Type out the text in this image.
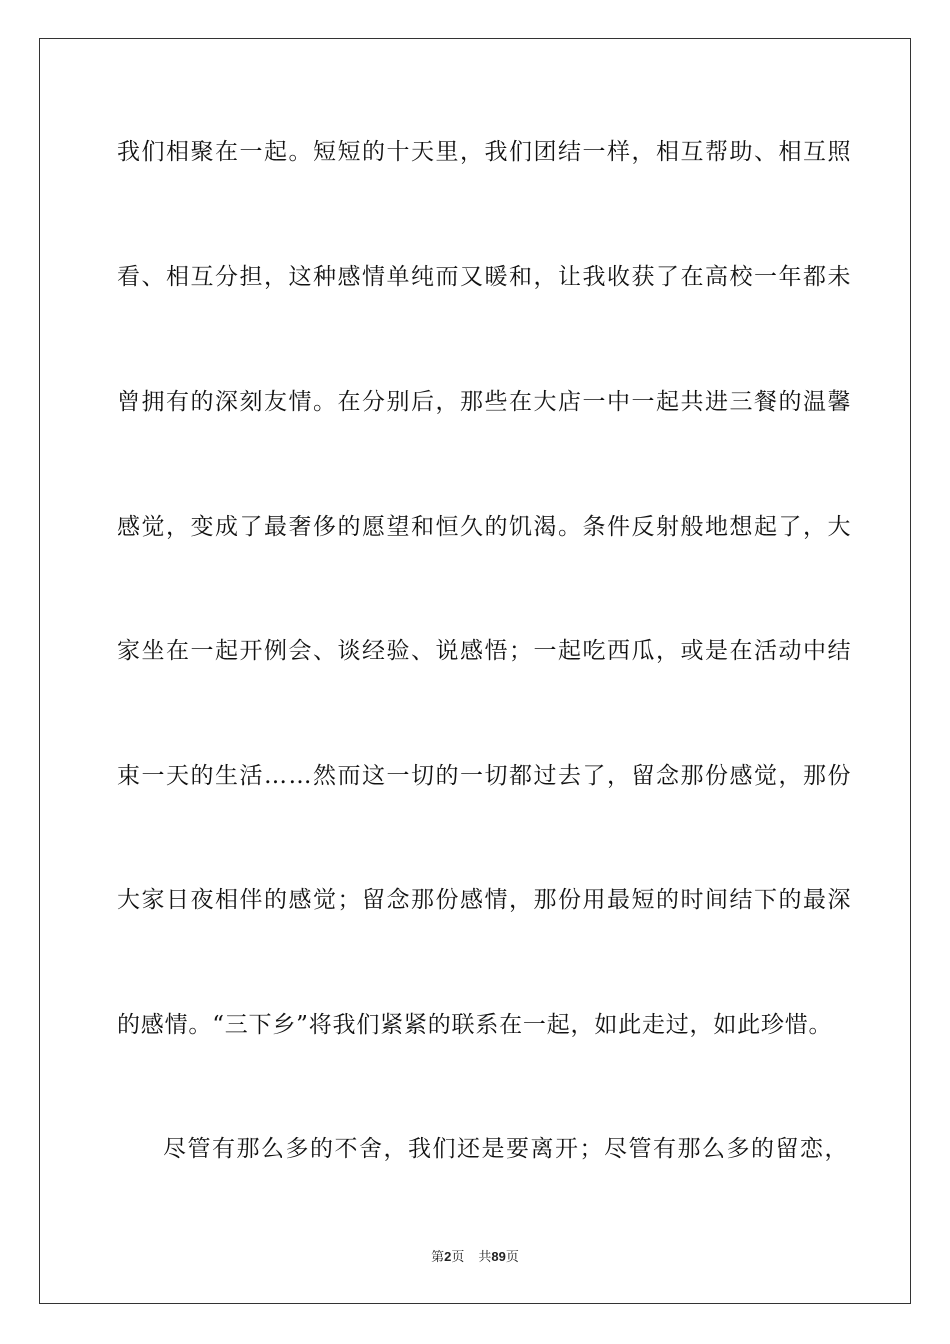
我们相聚在一起。短短的十天里，我们团结一样，相互帮助、相互照
看、相互分担，这种感情单纯而又暖和，让我收获了在高校一年都未
曾拥有的深刻友情。在分别后，那些在大店一中一起共进三餐的温馨
感觉，变成了最奢侈的愿望和恒久的饥渴。条件反射般地想起了，大
家坐在一起开例会、谈经验、说感悟；一起吃西瓜，或是在活动中结
束一天的生活……然而这一切的一切都过去了，留念那份感觉，那份
大家日夜相伴的感觉；留念那份感情，那份用最短的时间结下的最深
的感情。“三下乡”将我们紧紧的联系在一起，如此走过，如此珍惜。
尽管有那么多的不舍，我们还是要离开；尽管有那么多的留恋，
第2页 共89页
